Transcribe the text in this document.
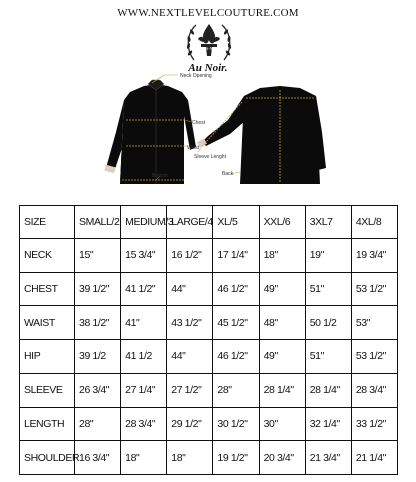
WWW.NEXTLEVELCOUTURE.COM
A-N
Au Noir.
Neck Opening
Chest
Waist
Sleeve Lenght
Bottom	Back
SIZE	SMALL/2	MEDIUM/3	LARGE/4	XL/5	XXL/6	3XL7	4XL/8
NECK	15"	15 3/4"	16 1/2"	17 1/4"	18"	19"	19 3/4"
CHEST	39 1/2"	41 1/2"	44"	46 1/2"	49"	51"	53 1/2"
WAIST	38 1/2"	41"	43 1/2"	45 1/2"	48"	50 1/2	53"
HIP	39 1/2	41 1/2	44"	46 1/2"	49"	51"	53 1/2"
SLEEVE	26 3/4"	27 1/4"	27 1/2"	28"	28 1/4"	28 1/4"	28 3/4"
LENGTH	28"	28 3/4"	29 1/2"	30 1/2"	30"	32 1/4"	33 1/2"
SHOULDER	16 3/4"	18"	18"	19 1/2"	20 3/4"	21 3/4"	21 1/4"
